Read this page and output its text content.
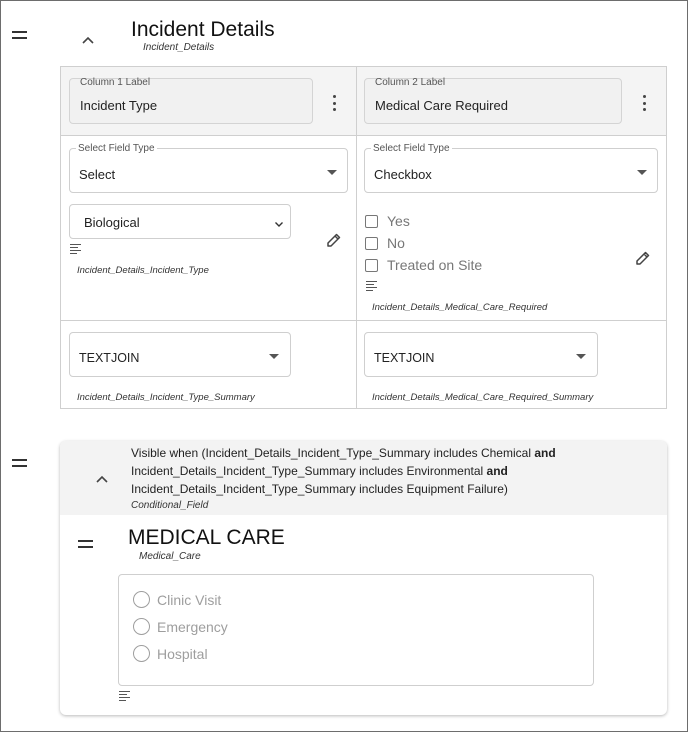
Incident Details
Incident_Details
Column 1 Label
Incident Type
Column 2 Label
Medical Care Required
Select Field Type
Select
Biological
Incident_Details_Incident_Type
Select Field Type
Checkbox
Yes
No
Treated on Site
Incident_Details_Medical_Care_Required
TEXTJOIN
Incident_Details_Incident_Type_Summary
TEXTJOIN
Incident_Details_Medical_Care_Required_Summary
Visible when (Incident_Details_Incident_Type_Summary includes Chemical and
Incident_Details_Incident_Type_Summary includes Environmental and
Incident_Details_Incident_Type_Summary includes Equipment Failure)
Conditional_Field
MEDICAL CARE
Medical_Care
Clinic Visit
Emergency
Hospital
